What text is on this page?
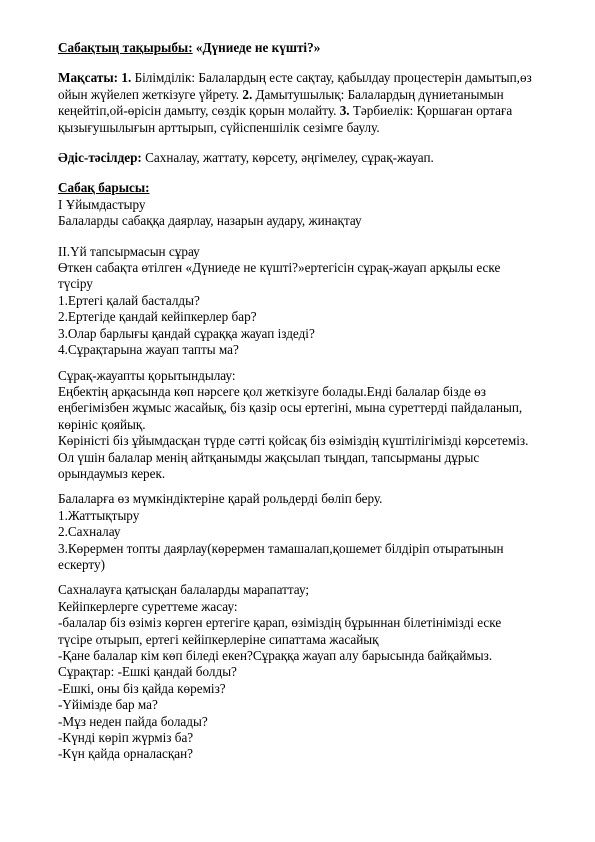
Сабақтың тақырыбы: «Дүниеде не күшті?»
Мақсаты: 1. Білімділік: Балалардың есте сақтау, қабылдау процестерін дамытып,өз ойын жүйелеп жеткізуге үйрету. 2. Дамытушылық: Балалардың дүниетанымын кеңейтіп,ой-өрісін дамыту, сөздік қорын молайту. 3. Тәрбиелік: Қоршаған ортаға қызығушылығын арттырып, сүйіспеншілік сезімге баулу.
Әдіс-тәсілдер: Сахналау, жаттату, көрсету, әңгімелеу, сұрақ-жауап.
Сабақ барысы:
I Ұйымдастыру
Балаларды сабаққа даярлау, назарын аудару, жинақтау
II.Үй тапсырмасын сұрау
Өткен сабақта өтілген «Дүниеде не күшті?»ертегісін сұрақ-жауап арқылы еске
түсіру
1.Ертегі қалай басталды?
2.Ертегіде қандай кейіпкерлер бар?
3.Олар барлығы қандай сұраққа жауап іздеді?
4.Сұрақтарына жауап тапты ма?
Сұрақ-жауапты қорытындылау:
Еңбектің арқасында көп нәрсеге қол жеткізуге болады.Енді балалар бізде өз
еңбегімізбен жұмыс жасайық, біз қазір осы ертегіні, мына суреттерді пайдаланып,
көрініс қояйық.
Көріністі біз ұйымдасқан түрде сәтті қойсақ біз өзіміздің күштілігімізді көрсетеміз.
Ол үшін балалар менің айтқанымды жақсылап тыңдап, тапсырманы дұрыс
орындаумыз керек.
Балаларға өз мүмкіндіктеріне қарай рольдерді бөліп беру.
1.Жаттықтыру
2.Сахналау
3.Көрермен топты даярлау(көрермен тамашалап,қошемет білдіріп отыратынын
ескерту)
Сахналауға қатысқан балаларды марапаттау;
Кейіпкерлерге суреттеме жасау:
-балалар біз өзіміз көрген ертегіге қарап, өзіміздің бұрыннан білетінімізді еске
түсіре отырып, ертегі кейіпкерлеріне сипаттама жасайық
-Қане балалар кім көп біледі екен?Сұраққа жауап алу барысында байқаймыз.
Сұрақтар: -Ешкі қандай болды?
-Ешкі, оны біз қайда көреміз?
-Үйімізде бар ма?
-Мұз неден пайда болады?
-Күнді көріп жүрміз ба?
-Күн қайда орналасқан?
